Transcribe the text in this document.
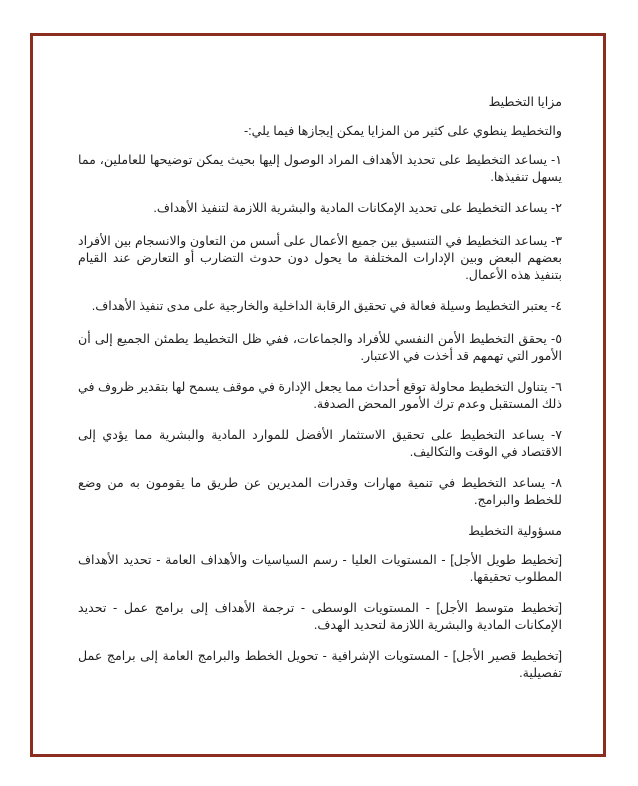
مزايا التخطيط

والتخطيط ينطوي على كثير من المزايا يمكن إيجازها فيما يلي:-

١- يساعد التخطيط على تحديد الأهداف المراد الوصول إليها بحيث يمكن توضيحها للعاملين، مما يسهل تنفيذها.

٢- يساعد التخطيط على تحديد الإمكانات المادية والبشرية اللازمة لتنفيذ الأهداف.

٣- يساعد التخطيط في التنسيق بين جميع الأعمال على أسس من التعاون والانسجام بين الأفراد بعضهم البعض وبين الإدارات المختلفة ما يحول دون حدوث التضارب أو التعارض عند القيام بتنفيذ هذه الأعمال.

٤- يعتبر التخطيط وسيلة فعالة في تحقيق الرقابة الداخلية والخارجية على مدى تنفيذ الأهداف.

٥- يحقق التخطيط الأمن النفسي للأفراد والجماعات، ففي ظل التخطيط يطمئن الجميع إلى أن الأمور التي تهمهم قد أخذت في الاعتبار.

٦- يتناول التخطيط محاولة توقع أحداث مما يجعل الإدارة في موقف يسمح لها بتقدير ظروف في ذلك المستقبل وعدم ترك الأمور المحض الصدفة.

٧- يساعد التخطيط على تحقيق الاستثمار الأفضل للموارد المادية والبشرية مما يؤدي إلى الاقتصاد في الوقت والتكاليف.

٨- يساعد التخطيط في تنمية مهارات وقدرات المديرين عن طريق ما يقومون به من وضع للخطط والبرامج.

مسؤولية التخطيط

[تخطيط طويل الأجل] - المستويات العليا - رسم السياسيات والأهداف العامة - تحديد الأهداف المطلوب تحقيقها.

[تخطيط متوسط الأجل] - المستويات الوسطى - ترجمة الأهداف إلى برامج عمل - تحديد الإمكانات المادية والبشرية اللازمة لتحديد الهدف.

[تخطيط قصير الأجل] - المستويات الإشرافية - تحويل الخطط والبرامج العامة إلى برامج عمل تفصيلية.
